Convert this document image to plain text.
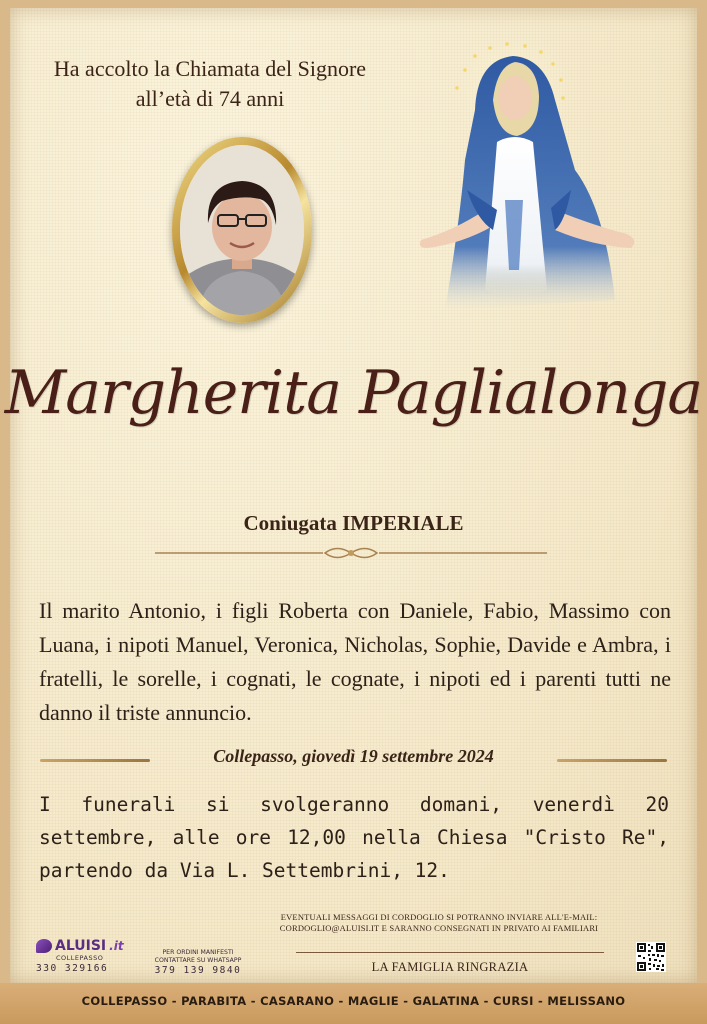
Ha accolto la Chiamata del Signore
all’età di 74 anni
Margherita Paglialonga
Coniugata IMPERIALE
Il marito Antonio, i figli Roberta con Daniele, Fabio, Massimo con Luana, i nipoti Manuel, Veronica, Nicholas, Sophie, Davide e Ambra, i fratelli, le sorelle, i cognati, le cognate, i nipoti ed i parenti tutti ne danno il triste annuncio.
Collepasso, giovedì 19 settembre 2024
I funerali si svolgeranno domani, venerdì 20 settembre, alle ore 12,00 nella Chiesa "Cristo Re", partendo da Via L. Settembrini, 12.
ALUISI .it
COLLEPASSO
330 329166
PER ORDINI MANIFESTI
CONTATTARE SU WHATSAPP
379 139 9840
EVENTUALI MESSAGGI DI CORDOGLIO SI POTRANNO INVIARE ALL'E-MAIL:
CORDOGLIO@ALUISI.IT E SARANNO CONSEGNATI IN PRIVATO AI FAMILIARI
LA FAMIGLIA RINGRAZIA
COLLEPASSO - PARABITA - CASARANO - MAGLIE - GALATINA - CURSI - MELISSANO
